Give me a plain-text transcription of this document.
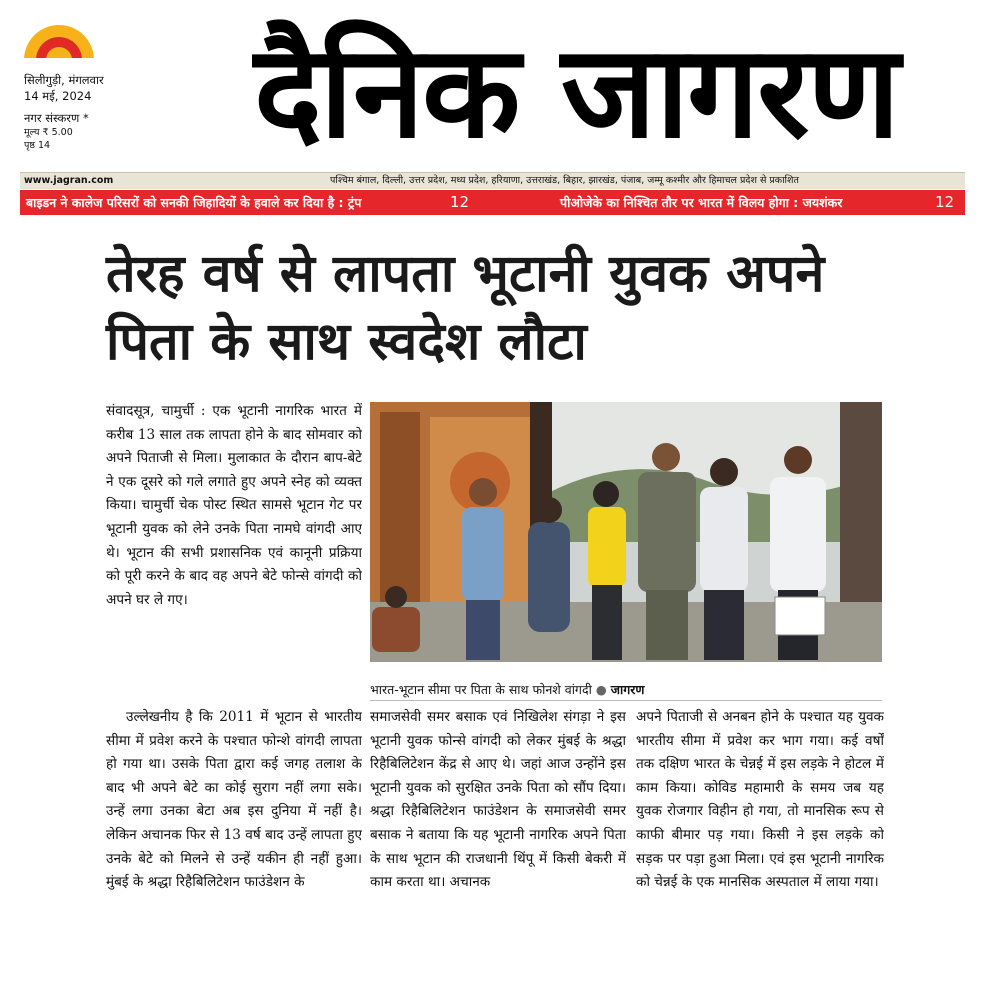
सिलीगुड़ी, मंगलवार
14 मई, 2024
नगर संस्करण *
मूल्य ₹ 5.00
पृष्ठ 14	दैनिक जागरण
www.jagran.com	पश्चिम बंगाल, दिल्ली, उत्तर प्रदेश, मध्य प्रदेश, हरियाणा, उत्तराखंड, बिहार, झारखंड, पंजाब, जम्मू कश्मीर और हिमाचल प्रदेश से प्रकाशित
बाइडन ने कालेज परिसरों को सनकी जिहादियों के हवाले कर दिया है : ट्रंप	12	पीओजेके का निश्चित तौर पर भारत में विलय होगा : जयशंकर	12
तेरह वर्ष से लापता भूटानी युवक अपने
पिता के साथ स्वदेश लौटा

संवादसूत्र, चामुर्ची : एक भूटानी नागरिक भारत में करीब 13 साल तक लापता होने के बाद सोमवार को अपने पिताजी से मिला। मुलाकात के दौरान बाप-बेटे ने एक दूसरे को गले लगाते हुए अपने स्नेह को व्यक्त किया। चामुर्ची चेक पोस्ट स्थित सामसे भूटान गेट पर भूटानी युवक को लेने उनके पिता नामघे वांगदी आए थे। भूटान की सभी प्रशासनिक एवं कानूनी प्रक्रिया को पूरी करने के बाद वह अपने बेटे फोन्से वांगदी को अपने घर ले गए।

उल्लेखनीय है कि 2011 में भूटान से भारतीय सीमा में प्रवेश करने के पश्चात फोन्शे वांगदी लापता हो गया था। उसके पिता द्वारा कई जगह तलाश के बाद भी अपने बेटे का कोई सुराग नहीं लगा सके। उन्हें लगा उनका बेटा अब इस दुनिया में नहीं है। लेकिन अचानक फिर से 13 वर्ष बाद उन्हें लापता हुए उनके बेटे को मिलने से उन्हें यकीन ही नहीं हुआ। मुंबई के श्रद्धा रिहैबिलिटेशन फाउंडेशन के

भारत-भूटान सीमा पर पिता के साथ फोनशे वांगदी ● जागरण

समाजसेवी समर बसाक एवं निखिलेश संगड़ा ने इस भूटानी युवक फोन्से वांगदी को लेकर मुंबई के श्रद्धा रिहैबिलिटेशन केंद्र से आए थे। जहां आज उन्होंने इस भूटानी युवक को सुरक्षित उनके पिता को सौंप दिया। श्रद्धा रिहैबिलिटेशन फाउंडेशन के समाजसेवी समर बसाक ने बताया कि यह भूटानी नागरिक अपने पिता के साथ भूटान की राजधानी थिंपू में किसी बेकरी में काम करता था। अचानक

अपने पिताजी से अनबन होने के पश्चात यह युवक भारतीय सीमा में प्रवेश कर भाग गया। कई वर्षों तक दक्षिण भारत के चेन्नई में इस लड़के ने होटल में काम किया। कोविड महामारी के समय जब यह युवक रोजगार विहीन हो गया, तो मानसिक रूप से काफी बीमार पड़ गया। किसी ने इस लड़के को सड़क पर पड़ा हुआ मिला। एवं इस भूटानी नागरिक को चेन्नई के एक मानसिक अस्पताल में लाया गया।
